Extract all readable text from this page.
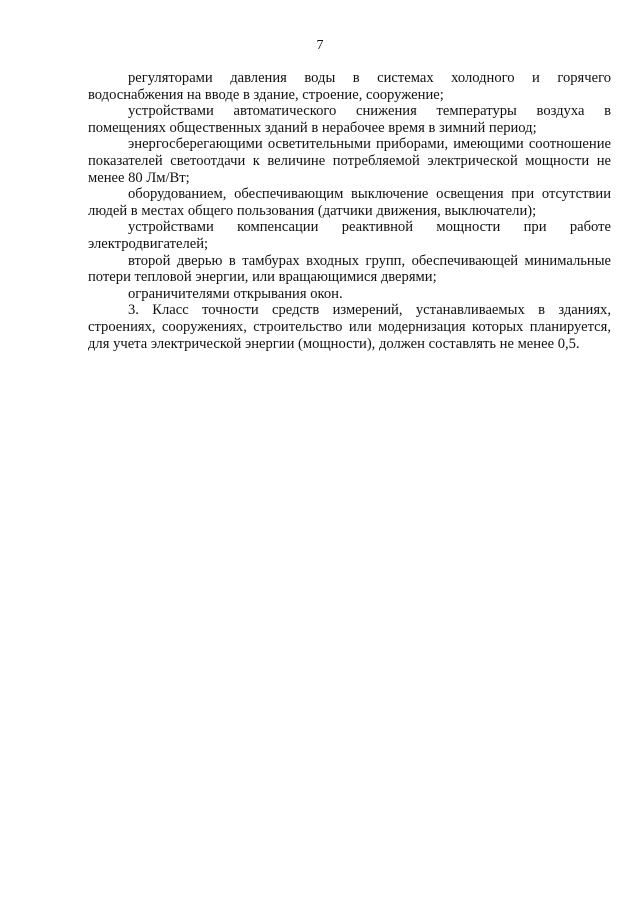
7

регуляторами давления воды в системах холодного и горячего водоснабжения на вводе в здание, строение, сооружение;

устройствами автоматического снижения температуры воздуха в помещениях общественных зданий в нерабочее время в зимний период;

энергосберегающими осветительными приборами, имеющими соотношение показателей светоотдачи к величине потребляемой электрической мощности не менее 80 Лм/Вт;

оборудованием, обеспечивающим выключение освещения при отсутствии людей в местах общего пользования (датчики движения, выключатели);

устройствами компенсации реактивной мощности при работе электродвигателей;

второй дверью в тамбурах входных групп, обеспечивающей минимальные потери тепловой энергии, или вращающимися дверями;

ограничителями открывания окон.

3. Класс точности средств измерений, устанавливаемых в зданиях, строениях, сооружениях, строительство или модернизация которых планируется, для учета электрической энергии (мощности), должен составлять не менее 0,5.
